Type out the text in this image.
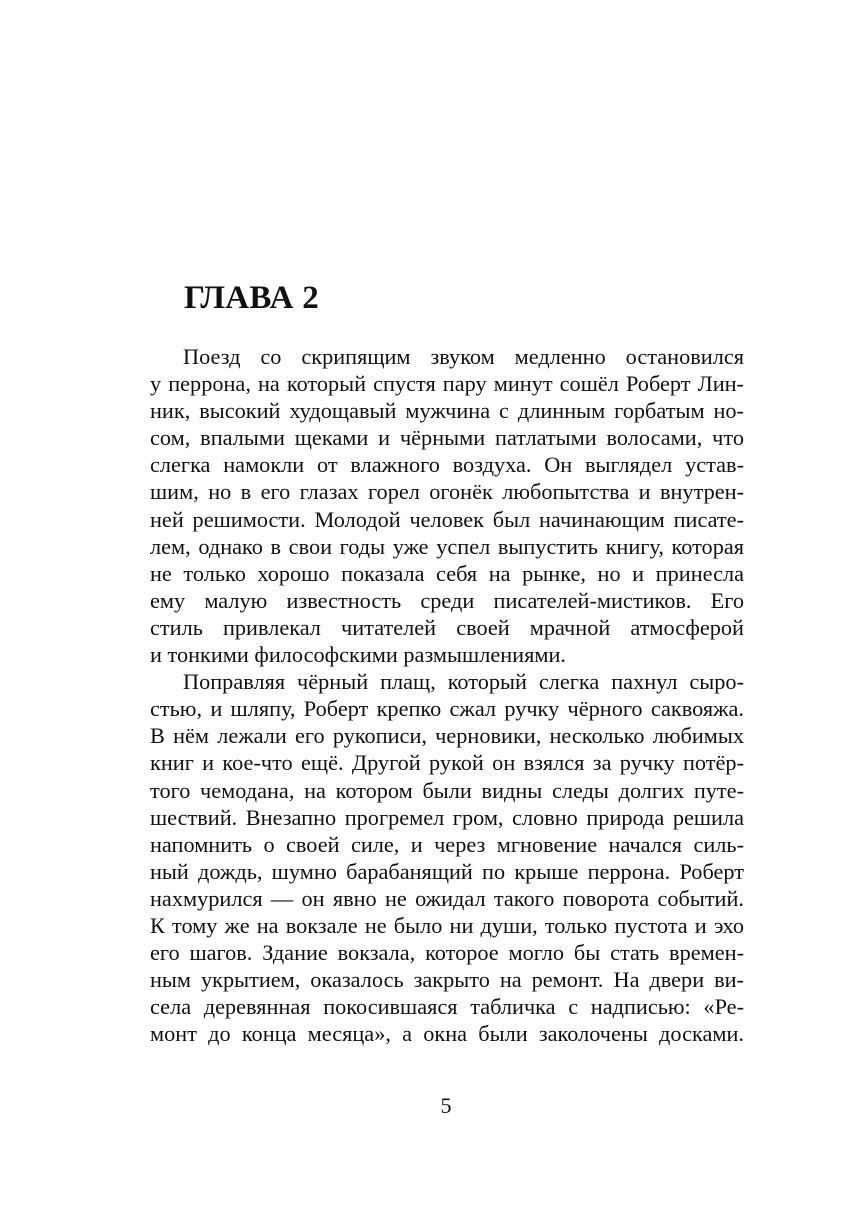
ГЛАВА 2
Поезд со скрипящим звуком медленно остановился
у перрона, на который спустя пару минут сошёл Роберт Лин-
ник, высокий худощавый мужчина с длинным горбатым но-
сом, впалыми щеками и чёрными патлатыми волосами, что
слегка намокли от влажного воздуха. Он выглядел устав-
шим, но в его глазах горел огонёк любопытства и внутрен-
ней решимости. Молодой человек был начинающим писате-
лем, однако в свои годы уже успел выпустить книгу, которая
не только хорошо показала себя на рынке, но и принесла
ему малую известность среди писателей-мистиков. Его
стиль привлекал читателей своей мрачной атмосферой
и тонкими философскими размышлениями.
Поправляя чёрный плащ, который слегка пахнул сыро-
стью, и шляпу, Роберт крепко сжал ручку чёрного саквояжа.
В нём лежали его рукописи, черновики, несколько любимых
книг и кое-что ещё. Другой рукой он взялся за ручку потёр-
того чемодана, на котором были видны следы долгих путе-
шествий. Внезапно прогремел гром, словно природа решила
напомнить о своей силе, и через мгновение начался силь-
ный дождь, шумно барабанящий по крыше перрона. Роберт
нахмурился — он явно не ожидал такого поворота событий.
К тому же на вокзале не было ни души, только пустота и эхо
его шагов. Здание вокзала, которое могло бы стать времен-
ным укрытием, оказалось закрыто на ремонт. На двери ви-
села деревянная покосившаяся табличка с надписью: «Ре-
монт до конца месяца», а окна были заколочены досками.
5
